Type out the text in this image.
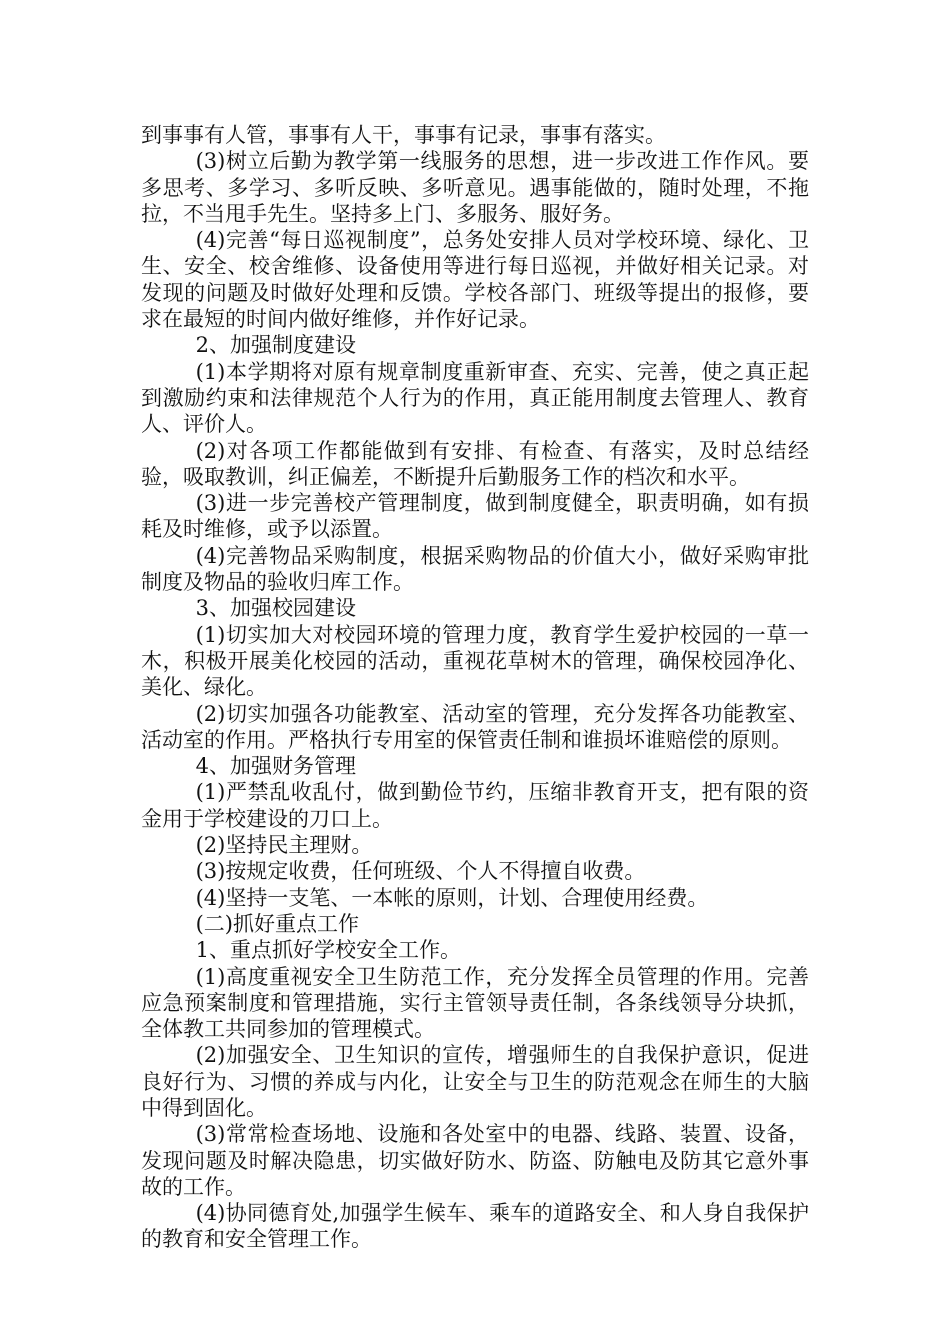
到事事有人管，事事有人干，事事有记录，事事有落实。

(3)树立后勤为教学第一线服务的思想，进一步改进工作作风。要多思考、多学习、多听反映、多听意见。遇事能做的，随时处理，不拖拉，不当甩手先生。坚持多上门、多服务、服好务。

(4)完善“每日巡视制度”，总务处安排人员对学校环境、绿化、卫生、安全、校舍维修、设备使用等进行每日巡视，并做好相关记录。对发现的问题及时做好处理和反馈。学校各部门、班级等提出的报修，要求在最短的时间内做好维修，并作好记录。

2、加强制度建设

(1)本学期将对原有规章制度重新审查、充实、完善，使之真正起到激励约束和法律规范个人行为的作用，真正能用制度去管理人、教育人、评价人。

(2)对各项工作都能做到有安排、有检查、有落实，及时总结经验，吸取教训，纠正偏差，不断提升后勤服务工作的档次和水平。

(3)进一步完善校产管理制度，做到制度健全，职责明确，如有损耗及时维修，或予以添置。

(4)完善物品采购制度，根据采购物品的价值大小，做好采购审批制度及物品的验收归库工作。

3、加强校园建设

(1)切实加大对校园环境的管理力度，教育学生爱护校园的一草一木，积极开展美化校园的活动，重视花草树木的管理，确保校园净化、美化、绿化。

(2)切实加强各功能教室、活动室的管理，充分发挥各功能教室、活动室的作用。严格执行专用室的保管责任制和谁损坏谁赔偿的原则。

4、加强财务管理

(1)严禁乱收乱付，做到勤俭节约，压缩非教育开支，把有限的资金用于学校建设的刀口上。

(2)坚持民主理财。

(3)按规定收费，任何班级、个人不得擅自收费。

(4)坚持一支笔、一本帐的原则，计划、合理使用经费。

(二)抓好重点工作

1、重点抓好学校安全工作。

(1)高度重视安全卫生防范工作，充分发挥全员管理的作用。完善应急预案制度和管理措施，实行主管领导责任制，各条线领导分块抓，全体教工共同参加的管理模式。

(2)加强安全、卫生知识的宣传，增强师生的自我保护意识，促进良好行为、习惯的养成与内化，让安全与卫生的防范观念在师生的大脑中得到固化。

(3)常常检查场地、设施和各处室中的电器、线路、装置、设备，发现问题及时解决隐患，切实做好防水、防盗、防触电及防其它意外事故的工作。

(4)协同德育处,加强学生候车、乘车的道路安全、和人身自我保护的教育和安全管理工作。
